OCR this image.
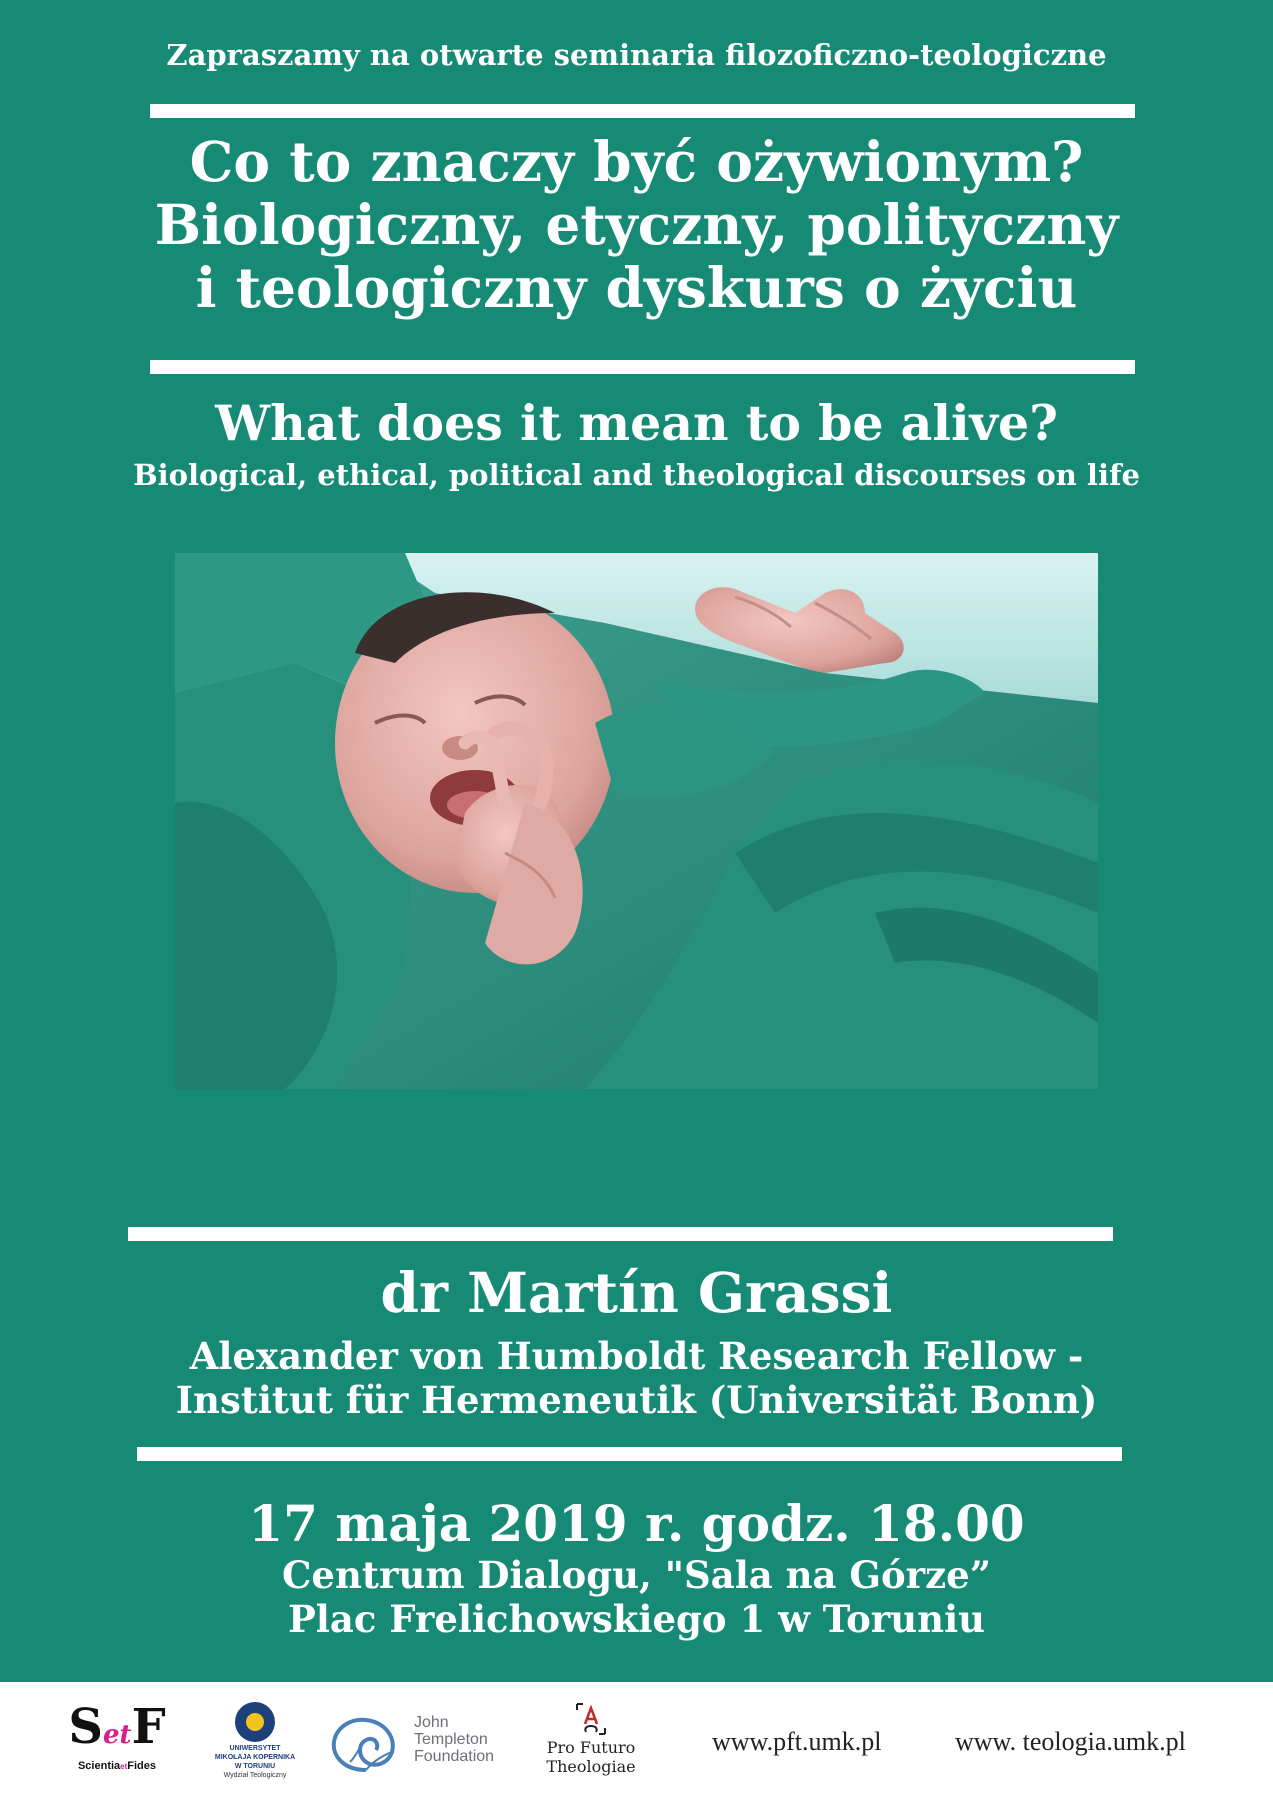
Zapraszamy na otwarte seminaria filozoficzno-teologiczne
Co to znaczy być ożywionym?
Biologiczny, etyczny, polityczny
i teologiczny dyskurs o życiu
What does it mean to be alive?
Biological, ethical, political and theological discourses on life
dr Martín Grassi
Alexander von Humboldt Research Fellow -
Institut für Hermeneutik (Universität Bonn)
17 maja 2019 r. godz. 18.00
Centrum Dialogu, "Sala na Górze”
Plac Frelichowskiego 1 w Toruniu
SetF
ScientiaetFides
UNIWERSYTET
MIKOŁAJA KOPERNIKA
W TORUNIU
Wydział Teologiczny
John
Templeton
Foundation	Pro Futuro
Theologiae
www.pft.umk.pl	www. teologia.umk.pl
